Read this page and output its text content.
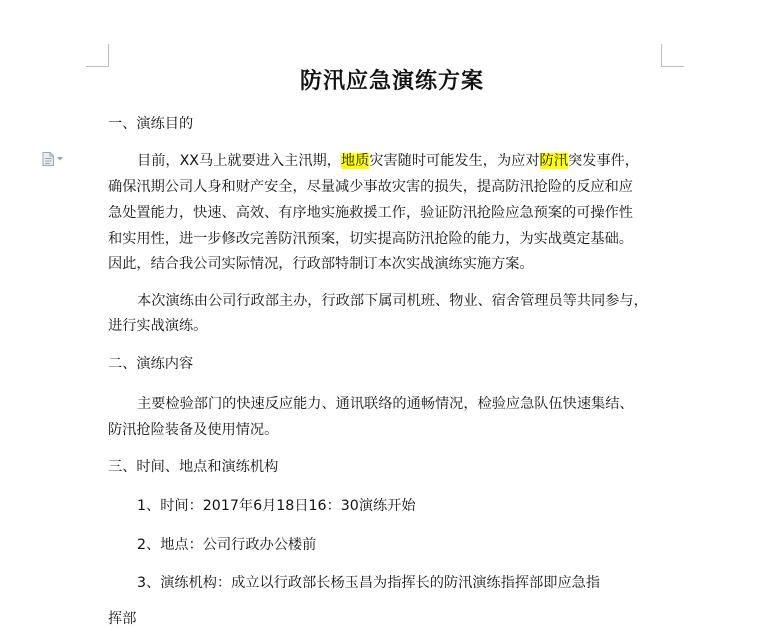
防汛应急演练方案
一、演练目的
目前，XX马上就要进入主汛期，地质灾害随时可能发生，为应对防汛突发事件，
确保汛期公司人身和财产安全，尽量减少事故灾害的损失，提高防汛抢险的反应和应
急处置能力，快速、高效、有序地实施救援工作，验证防汛抢险应急预案的可操作性
和实用性，进一步修改完善防汛预案，切实提高防汛抢险的能力，为实战奠定基础。
因此，结合我公司实际情况，行政部特制订本次实战演练实施方案。
本次演练由公司行政部主办，行政部下属司机班、物业、宿舍管理员等共同参与，
进行实战演练。
二、演练内容
主要检验部门的快速反应能力、通讯联络的通畅情况，检验应急队伍快速集结、
防汛抢险装备及使用情况。
三、时间、地点和演练机构
1、时间：2017年6月18日16：30演练开始
2、地点：公司行政办公楼前
3、演练机构：成立以行政部长杨玉昌为指挥长的防汛演练指挥部即应急指
挥部
